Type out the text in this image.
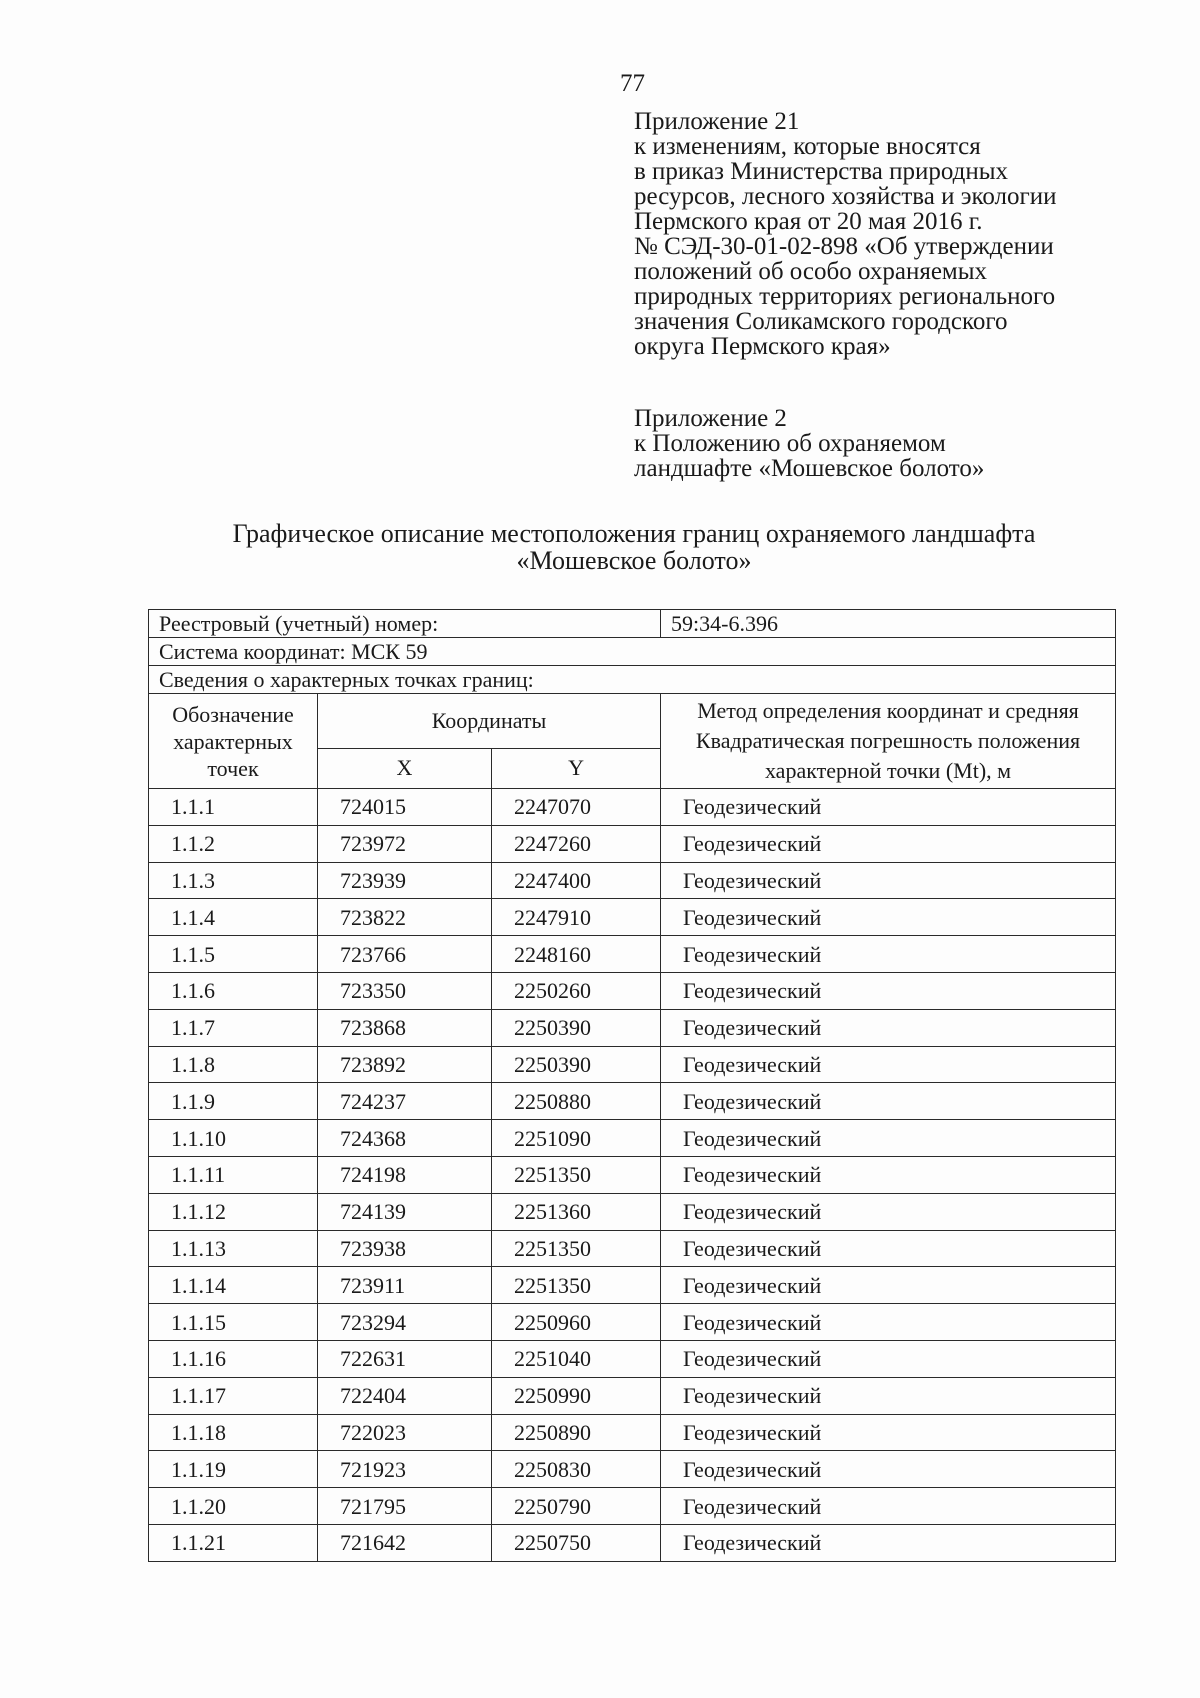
77
Приложение 21
к изменениям, которые вносятся
в приказ Министерства природных
ресурсов, лесного хозяйства и экологии
Пермского края от 20 мая 2016 г.
№ СЭД-30-01-02-898 «Об утверждении
положений об особо охраняемых
природных территориях регионального
значения Соликамского городского
округа Пермского края»
Приложение 2
к Положению об охраняемом
ландшафте «Мошевское болото»
Графическое описание местоположения границ охраняемого ландшафта
«Мошевское болото»
Реестровый (учетный) номер:			59:34-6.396
Система координат: МСК 59			
Сведения о характерных точках границ:			
Обозначение характерных точек	Координаты		Метод определения координат и средняя Квадратическая погрешность положения характерной точки (Mt), м
	X	Y	
1.1.1	724015	2247070	Геодезический
1.1.2	723972	2247260	Геодезический
1.1.3	723939	2247400	Геодезический
1.1.4	723822	2247910	Геодезический
1.1.5	723766	2248160	Геодезический
1.1.6	723350	2250260	Геодезический
1.1.7	723868	2250390	Геодезический
1.1.8	723892	2250390	Геодезический
1.1.9	724237	2250880	Геодезический
1.1.10	724368	2251090	Геодезический
1.1.11	724198	2251350	Геодезический
1.1.12	724139	2251360	Геодезический
1.1.13	723938	2251350	Геодезический
1.1.14	723911	2251350	Геодезический
1.1.15	723294	2250960	Геодезический
1.1.16	722631	2251040	Геодезический
1.1.17	722404	2250990	Геодезический
1.1.18	722023	2250890	Геодезический
1.1.19	721923	2250830	Геодезический
1.1.20	721795	2250790	Геодезический
1.1.21	721642	2250750	Геодезический
